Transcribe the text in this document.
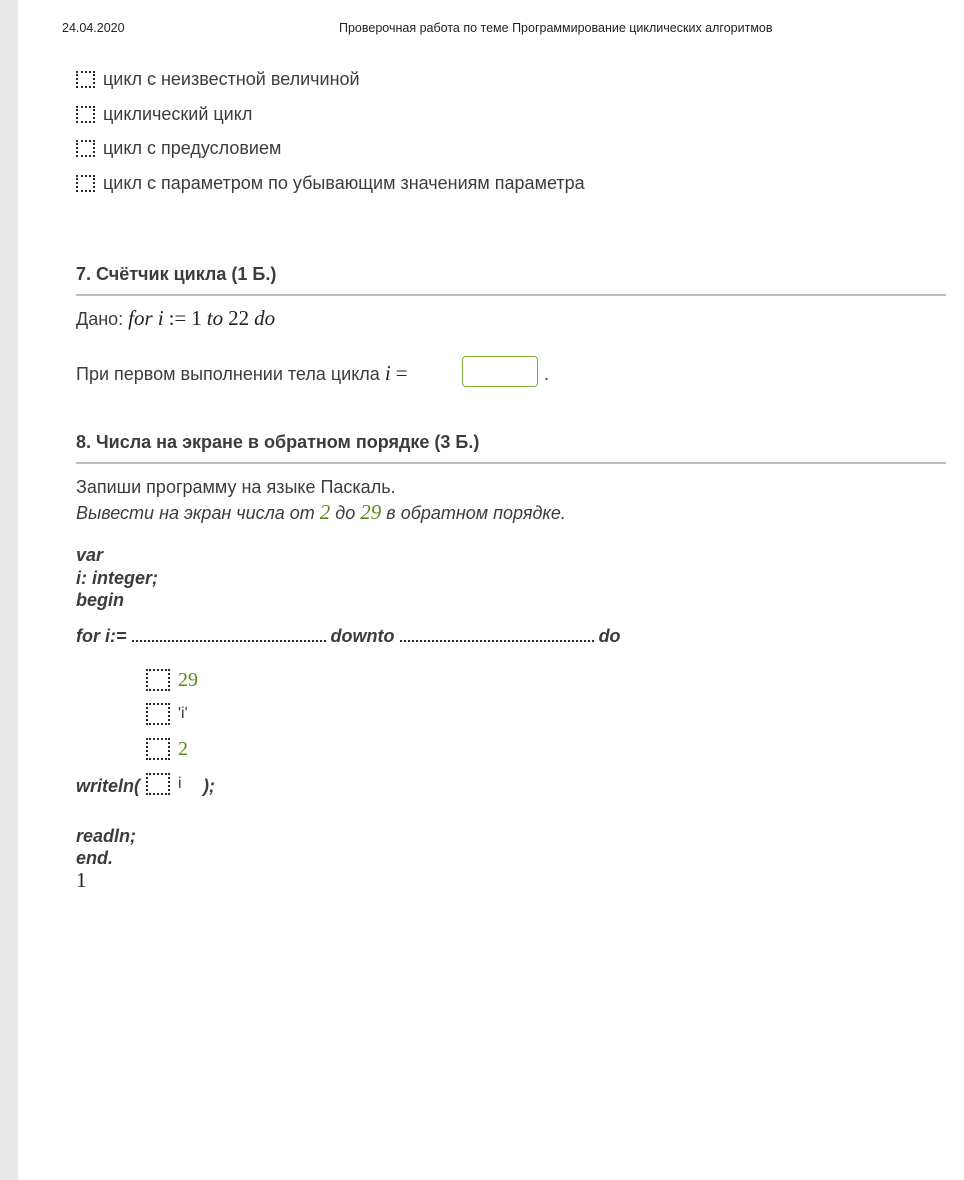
24.04.2020	Проверочная работа по теме Программирование циклических алгоритмов
цикл с неизвестной величиной
циклический цикл
цикл с предусловием
цикл с параметром по убывающим значениям параметра
7. Счётчик цикла (1 Б.)
Дано: for i := 1 to 22 do
При первом выполнении тела цикла i =	.
8. Числа на экране в обратном порядке (3 Б.)
Запиши программу на языке Паскаль.
Вывести на экран числа от 2 до 29 в обратном порядке.
var
i: integer;
begin
for i:=	downto	do
29
'i'
2
writeln( i );
readln;
end.
1
